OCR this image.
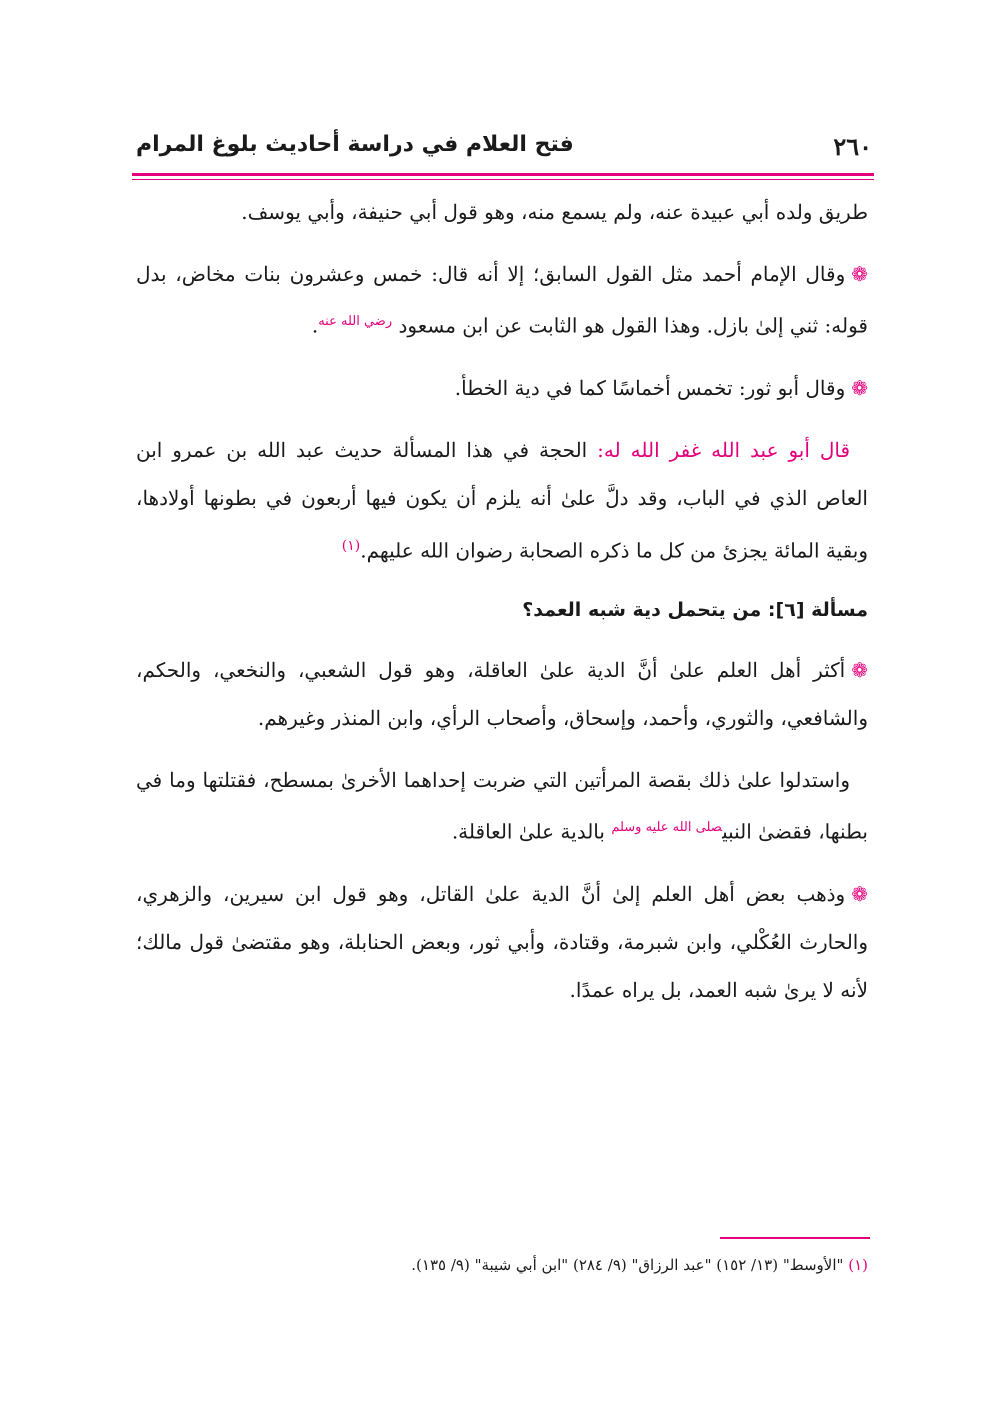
٢٦٠
فتح العلام في دراسة أحاديث بلوغ المرام

طريق ولده أبي عبيدة عنه، ولم يسمع منه، وهو قول أبي حنيفة، وأبي يوسف.

❁وقال الإمام أحمد مثل القول السابق؛ إلا أنه قال: خمس وعشرون بنات مخاض، بدل قوله: ثني إلىٰ بازل. وهذا القول هو الثابت عن ابن مسعود $^{رضي الله عنه}$.

❁وقال أبو ثور: تخمس أخماسًا كما في دية الخطأ.

قال أبو عبد الله غفر الله له: الحجة في هذا المسألة حديث عبد الله بن عمرو ابن العاص الذي في الباب، وقد دلَّ علىٰ أنه يلزم أن يكون فيها أربعون في بطونها أولادها، وبقية المائة يجزئ من كل ما ذكره الصحابة رضوان الله عليهم.$^{(١)}$

مسألة [٦]: من يتحمل دية شبه العمد؟

❁أكثر أهل العلم علىٰ أنَّ الدية علىٰ العاقلة، وهو قول الشعبي، والنخعي، والحكم، والشافعي، والثوري، وأحمد، وإسحاق، وأصحاب الرأي، وابن المنذر وغيرهم.

واستدلوا علىٰ ذلك بقصة المرأتين التي ضربت إحداهما الأخرىٰ بمسطح، فقتلتها وما في بطنها، فقضىٰ النبي$^{صلى الله عليه وسلم}$ بالدية علىٰ العاقلة.

❁وذهب بعض أهل العلم إلىٰ أنَّ الدية علىٰ القاتل، وهو قول ابن سيرين، والزهري، والحارث العُكْلي، وابن شبرمة، وقتادة، وأبي ثور، وبعض الحنابلة، وهو مقتضىٰ قول مالك؛ لأنه لا يرىٰ شبه العمد، بل يراه عمدًا.

(١) "الأوسط" (١٣/ ١٥٢) "عبد الرزاق" (٩/ ٢٨٤) "ابن أبي شيبة" (٩/ ١٣٥).
